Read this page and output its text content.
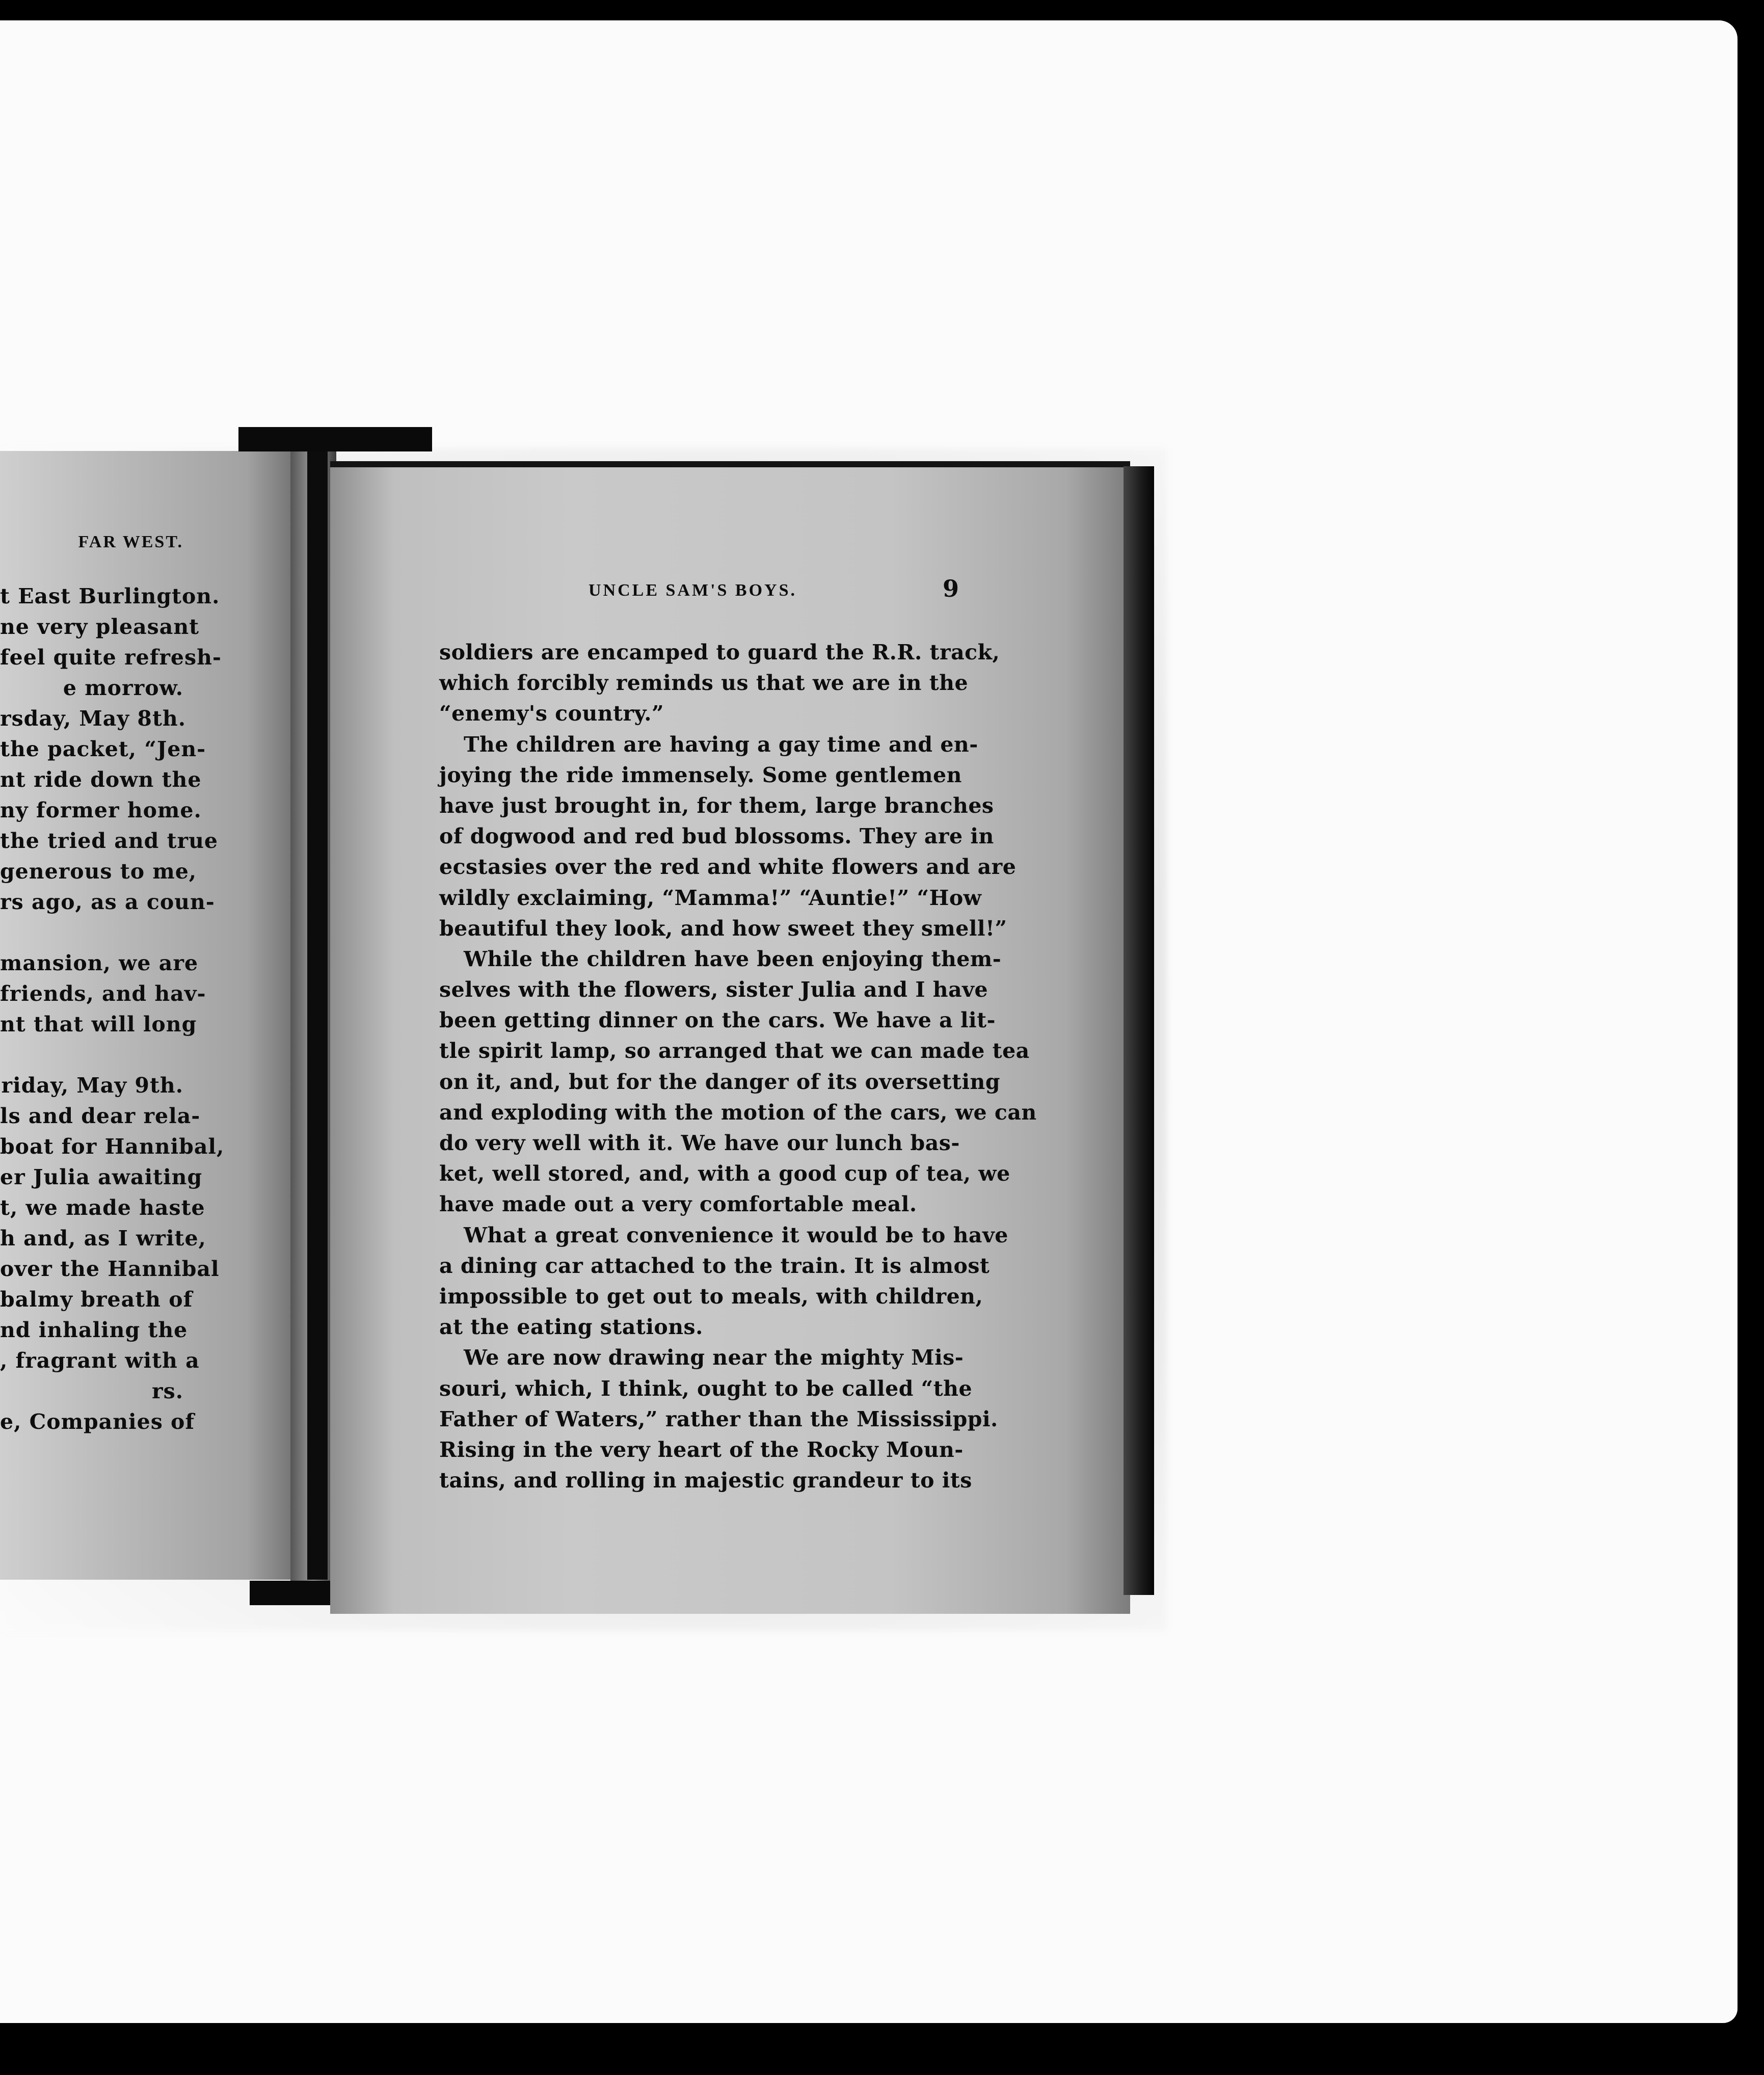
FAR WEST.
t East Burlington.
ne very pleasant
feel quite refresh-
e morrow.
rsday, May 8th.
the packet, “Jen-
nt ride down the
ny former home.
the tried and true
generous to me,
rs ago, as a coun-
mansion, we are
friends, and hav-
nt that will long
riday, May 9th.
ls and dear rela-
boat for Hannibal,
er Julia awaiting
t, we made haste
h and, as I write,
over the Hannibal
balmy breath of
nd inhaling the
, fragrant with a
rs.
e, Companies of
UNCLE SAM'S BOYS.	9
soldiers are encamped to guard the R.R. track,
which forcibly reminds us that we are in the
“enemy's country.”
The children are having a gay time and en-
joying the ride immensely. Some gentlemen
have just brought in, for them, large branches
of dogwood and red bud blossoms. They are in
ecstasies over the red and white flowers and are
wildly exclaiming, “Mamma!” “Auntie!” “How
beautiful they look, and how sweet they smell!”
While the children have been enjoying them-
selves with the flowers, sister Julia and I have
been getting dinner on the cars. We have a lit-
tle spirit lamp, so arranged that we can made tea
on it, and, but for the danger of its oversetting
and exploding with the motion of the cars, we can
do very well with it. We have our lunch bas-
ket, well stored, and, with a good cup of tea, we
have made out a very comfortable meal.
What a great convenience it would be to have
a dining car attached to the train. It is almost
impossible to get out to meals, with children,
at the eating stations.
We are now drawing near the mighty Mis-
souri, which, I think, ought to be called “the
Father of Waters,” rather than the Mississippi.
Rising in the very heart of the Rocky Moun-
tains, and rolling in majestic grandeur to its
